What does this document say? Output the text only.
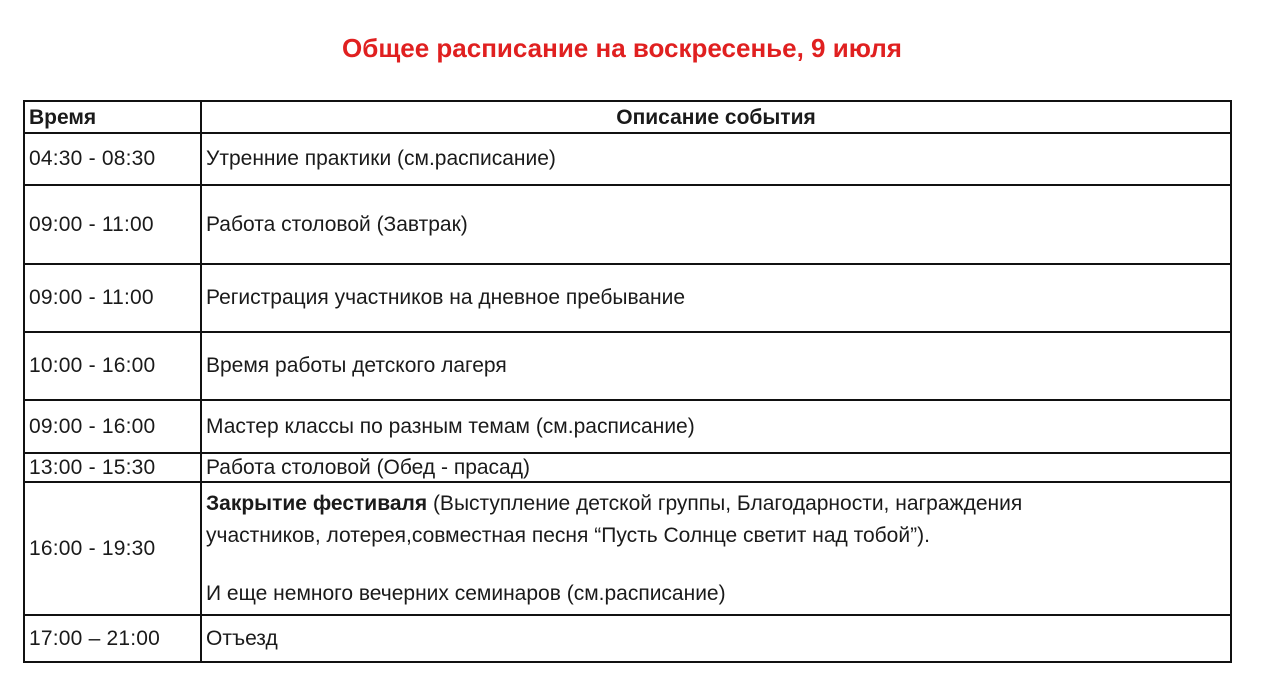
Общее расписание на воскресенье, 9 июля
Время	Описание события
04:30 - 08:30	Утренние практики (см.расписание)
09:00 - 11:00	Работа столовой (Завтрак)
09:00 - 11:00	Регистрация участников на дневное пребывание
10:00 - 16:00	Время работы детского лагеря
09:00 - 16:00	Мастер классы по разным темам (см.расписание)
13:00 - 15:30	Работа столовой (Обед - прасад)
16:00 - 19:30	Закрытие фестиваля (Выступление детской группы, Благодарности, награждения
участников, лотерея,совместная песня “Пусть Солнце светит над тобой”).
И еще немного вечерних семинаров (см.расписание)

17:00 – 21:00	Отъезд
